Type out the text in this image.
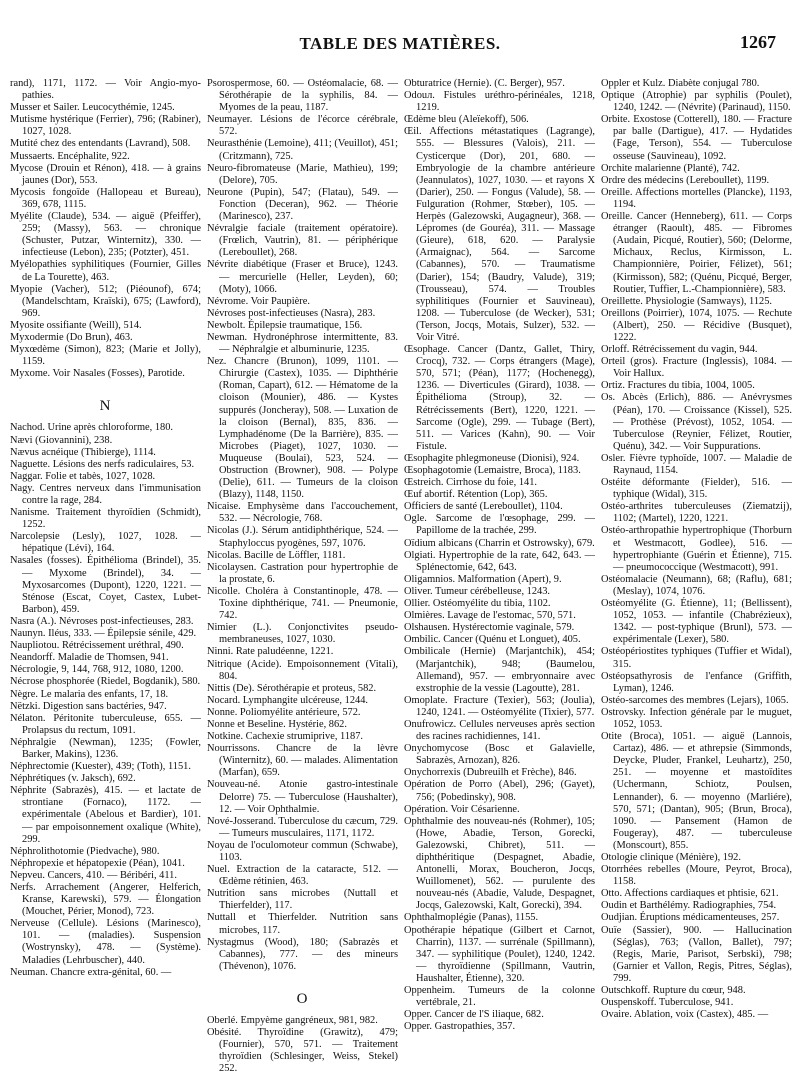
TABLE DES MATIÈRES.	1267

rand), 1171, 1172. — Voir Angio-myo-pathies.

Musser et Sailer. Leucocythémie, 1245.

Mutisme hystérique (Ferrier), 796; (Rabiner), 1027, 1028.

Mutité chez des entendants (Lavrand), 508.

Mussaerts. Encéphalite, 922.

Mycose (Drouin et Rénon), 418. — à grains jaunes (Dor), 553.

Mycosis fongoïde (Hallopeau et Bureau), 369, 678, 1115.

Myélite (Claude), 534. — aiguë (Pfeiffer), 259; (Massy), 563. — chronique (Schuster, Putzar, Winternitz), 330. — infectieuse (Lebon), 235; (Potzter), 451.

Myélopathies syphilitiques (Fournier, Gilles de La Tourette), 463.

Myopie (Vacher), 512; (Piéounof), 674; (Mandelschtam, Kraïski), 675; (Lawford), 969.

Myosite ossifiante (Weill), 514.

Myxodermie (Do Brun), 463.

Myxœdème (Simon), 823; (Marie et Jolly), 1159.

Myxome. Voir Nasales (Fosses), Parotide.

N

Nachod. Urine après chloroforme, 180.

Nævi (Giovannini), 238.

Nævus acnéique (Thibierge), 1114.

Naguette. Lésions des nerfs radiculaires, 53.

Naggar. Folie et tabès, 1027, 1028.

Nagy. Centres nerveux dans l'immunisation contre la rage, 284.

Nanisme. Traitement thyroïdien (Schmidt), 1252.

Narcolepsie (Lesly), 1027, 1028. — hépatique (Lévi), 164.

Nasales (fosses). Épithélioma (Brindel), 35. — Myxome (Brindel), 34. — Myxosarcomes (Dupont), 1220, 1221. — Sténose (Escat, Coyet, Castex, Lubet-Barbon), 459.

Nasra (A.). Névroses post-infectieuses, 283.

Naunyn. Iléus, 333. — Épilepsie sénile, 429.

Naupliotou. Rétrécissement uréthral, 490.

Neandorff. Maladie de Thomsen, 941.

Nécrologie, 9, 144, 768, 912, 1080, 1200.

Nécrose phosphorée (Riedel, Bogdanik), 580.

Nègre. Le malaria des enfants, 17, 18.

Nëtzki. Digestion sans bactéries, 947.

Nélaton. Péritonite tuberculeuse, 655. — Prolapsus du rectum, 1091.

Néphralgie (Newman), 1235; (Fowler, Barker, Makins), 1236.

Néphrectomie (Kuester), 439; (Toth), 1151.

Néphrétiques (v. Jaksch), 692.

Néphrite (Sabrazès), 415. — et lactate de strontiane (Fornaco), 1172. — expérimentale (Abelous et Bardier), 101. — par empoisonnement oxalique (White), 299.

Néphrolithotomie (Piedvache), 980.

Néphropexie et hépatopexie (Péan), 1041.

Nepveu. Cancers, 410. — Béribéri, 411.

Nerfs. Arrachement (Angerer, Helferich, Kranse, Karewski), 579. — Élongation (Mouchet, Périer, Monod), 723.

Nerveuse (Cellule). Lésions (Marinesco), 101. — (maladies). Suspension (Wostrynsky), 478. — (Système). Maladies (Lehrbuscher), 440.

Neuman. Chancre extra-génital, 60. —

Psorospermose, 60. — Ostéomalacie, 68. — Sérothérapie de la syphilis, 84. — Myomes de la peau, 1187.

Neumayer. Lésions de l'écorce cérébrale, 572.

Neurasthénie (Lemoine), 411; (Veuillot), 451; (Critzmann), 725.

Neuro-fibromateuse (Marie, Mathieu), 199; (Delore), 705.

Neurone (Pupin), 547; (Flatau), 549. — Fonction (Deceran), 962. — Théorie (Marinesco), 237.

Névralgie faciale (traitement opératoire). (Frœlich, Vautrin), 81. — périphérique (Lereboullet), 268.

Névrite diabétique (Fraser et Bruce), 1243. — mercurielle (Heller, Leyden), 60; (Moty), 1066.

Névrome. Voir Paupière.

Névroses post-infectieuses (Nasra), 283.

Newbolt. Épilepsie traumatique, 156.

Newman. Hydronéphrose intermittente, 83. — Néphralgie et albuminurie, 1235.

Nez. Chancre (Brunon), 1099, 1101. — Chirurgie (Castex), 1035. — Diphthérie (Roman, Capart), 612. — Hématome de la cloison (Mounier), 486. — Kystes suppurés (Joncheray), 508. — Luxation de la cloison (Bernal), 835, 836. — Lymphadénome (De la Barrière), 835. — Microbes (Piaget), 1027, 1030. — Muqueuse (Boulai), 523, 524. — Obstruction (Browner), 908. — Polype (Delie), 611. — Tumeurs de la cloison (Blazy), 1148, 1150.

Nicaise. Emphysème dans l'accouchement, 532. — Nécrologie, 768.

Nicolas (J.). Sérum antidiphthérique, 524. — Staphyloccus pyogènes, 597, 1076.

Nicolas. Bacille de Löffler, 1181.

Nicolaysen. Castration pour hypertrophie de la prostate, 6.

Nicolle. Choléra à Constantinople, 478. — Toxine diphthérique, 741. — Pneumonie, 742.

Nimier (L.). Conjonctivites pseudo-membraneuses, 1027, 1030.

Ninni. Rate paludéenne, 1221.

Nitrique (Acide). Empoisonnement (Vitali), 804.

Nittis (De). Sérothérapie et proteus, 582.

Nocard. Lymphangite ulcéreuse, 1244.

Nonne. Poliomyélite antérieure, 572.

Nonne et Beseline. Hystérie, 862.

Notkine. Cachexie strumiprive, 1187.

Nourrissons. Chancre de la lèvre (Winternitz), 60. — malades. Alimentation (Marfan), 659.

Nouveau-né. Atonie gastro-intestinale Delorre) 75. — Tuberculose (Haushalter), 12. — Voir Ophthalmie.

Nové-Josserand. Tuberculose du cæcum, 729. — Tumeurs musculaires, 1171, 1172.

Noyau de l'oculomoteur commun (Schwabe), 1103.

Nuel. Extraction de la cataracte, 512. — Œdème rétinien, 463.

Nutrition sans microbes (Nuttall et Thierfelder), 117.

Nuttall et Thierfelder. Nutrition sans microbes, 117.

Nystagmus (Wood), 180; (Sabrazès et Cabannes), 777. — des mineurs (Thévenon), 1076.

O

Oberlé. Empyème gangréneux, 981, 982.

Obésité. Thyroïdine (Grawitz), 479; (Fournier), 570, 571. — Traitement thyroïdien (Schlesinger, Weiss, Stekel) 252.

Obturatrice (Hernie). (C. Berger), 957.

Odouл. Fistules uréthro-périnéales, 1218, 1219.

Œdème bleu (Aleïekoff), 506.

Œil. Affections métastatiques (Lagrange), 555. — Blessures (Valois), 211. — Cysticerque (Dor), 201, 680. — Embryologie de la chambre antérieure (Jeannulatos), 1027, 1030. — et rayons X (Darier), 250. — Fongus (Valude), 58. — Fulguration (Rohmer, Stœber), 105. — Herpès (Galezowski, Augagneur), 368. — Lépromes (de Gouréa), 311. — Massage (Gieure), 618, 620. — Paralysie (Armaignac), 564. — Sarcome (Cabannes), 570. — Traumatisme (Darier), 154; (Baudry, Valude), 319; (Trousseau), 574. — Troubles syphilitiques (Fournier et Sauvineau), 1208. — Tuberculose (de Wecker), 531; (Terson, Jocqs, Motais, Sulzer), 532. — Voir Vitré.

Œsophage. Cancer (Dantz, Gallet, Thiry, Crocq), 732. — Corps étrangers (Mage), 570, 571; (Péan), 1177; (Hochenegg), 1236. — Diverticules (Girard), 1038. — Épithélioma (Stroup), 32. — Rétrécissements (Bert), 1220, 1221. — Sarcome (Ogle), 299. — Tubage (Bert), 511. — Varices (Kahn), 90. — Voir Fistule.

Œsophagite phlegmoneuse (Dionisi), 924.

Œsophagotomie (Lemaistre, Broca), 1183.

Œstreich. Cirrhose du foie, 141.

Œuf abortif. Rétention (Lop), 365.

Officiers de santé (Lereboullet), 1104.

Ogle. Sarcome de l'œsophage, 299. — Papillome de la trachée, 299.

Oïdium albicans (Charrin et Ostrowsky), 679.

Olgiati. Hypertrophie de la rate, 642, 643. — Splénectomie, 642, 643.

Oligamnios. Malformation (Apert), 9.

Oliver. Tumeur cérébelleuse, 1243.

Ollier. Ostéomyélite du tibia, 1102.

Olmières. Lavage de l'estomac, 570, 571.

Olshausen. Hystérectomie vaginale, 579.

Ombilic. Cancer (Quénu et Longuet), 405.

Ombilicale (Hernie) (Marjantchik), 454; (Marjantchik), 948; (Baumelou, Allemand), 957. — embryonnaire avec exstrophie de la vessie (Lagoutte), 281.

Omoplate. Fracture (Texier), 563; (Joulia), 1240, 1241. — Ostéomyélite (Tixier), 577.

Onufrowicz. Cellules nerveuses après section des racines rachidiennes, 141.

Onychomycose (Bosc et Galavielle, Sabrazès, Arnozan), 826.

Onychorrexis (Dubreuilh et Frèche), 846.

Opération de Porro (Abel), 296; (Gayet), 756; (Pobedinsky), 908.

Opération. Voir Césarienne.

Ophthalmie des nouveau-nés (Rohmer), 105; (Howe, Abadie, Terson, Gorecki, Galezowski, Chibret), 511. — diphthéritique (Despagnet, Abadie, Antonelli, Morax, Boucheron, Jocqs, Wuillomenet), 562. — purulente des nouveau-nés (Abadie, Valude, Despagnet, Jocqs, Galezowski, Kalt, Gorecki), 394.

Ophthalmoplégie (Panas), 1155.

Opothérapie hépatique (Gilbert et Carnot, Charrin), 1137. — surrénale (Spillmann), 347. — syphilitique (Poulet), 1240, 1242. — thyroïdienne (Spillmann, Vautrin, Haushalter, Étienne), 320.

Oppenheim. Tumeurs de la colonne vertébrale, 21.

Opper. Cancer de l'S iliaque, 682.

Opper. Gastropathies, 357.

Oppler et Kulz. Diabète conjugal 780.

Optique (Atrophie) par syphilis (Poulet), 1240, 1242. — (Névrite) (Parinaud), 1150.

Orbite. Exostose (Cotterell), 180. — Fracture par balle (Dartigue), 417. — Hydatides (Fage, Terson), 554. — Tuberculose osseuse (Sauvineau), 1092.

Orchite malarienne (Planté), 742.

Ordre des médecins (Lereboullet), 1199.

Oreille. Affections mortelles (Plancke), 1193, 1194.

Oreille. Cancer (Henneberg), 611. — Corps étranger (Raoult), 485. — Fibromes (Audain, Picqué, Routier), 560; (Delorme, Michaux, Reclus, Kirmisson, L. Championnière, Poirier, Félizet), 561; (Kirmisson), 582; (Quénu, Picqué, Berger, Routier, Tuffier, L.-Championnière), 583.

Oreillette. Physiologie (Samways), 1125.

Oreillons (Poirrier), 1074, 1075. — Rechute (Albert), 250. — Récidive (Busquet), 1222.

Orloff. Rétrécissement du vagin, 944.

Orteil (gros). Fracture (Inglessis), 1084. — Voir Hallux.

Ortiz. Fractures du tibia, 1004, 1005.

Os. Abcès (Erlich), 886. — Anévrysmes (Péan), 170. — Croissance (Kissel), 525. — Prothèse (Prévost), 1052, 1054. — Tuberculose (Reynier, Félizet, Routier, Quénu), 342. — Voir Suppurations.

Osler. Fièvre typhoïde, 1007. — Maladie de Raynaud, 1154.

Ostéite déformante (Fielder), 516. — typhique (Widal), 315.

Ostéo-arthrites tuberculeuses (Ziematzij), 1102; (Martel), 1220, 1221.

Ostéo-arthropathie hypertrophique (Thorburn et Westmacott, Godlee), 516. — hypertrophiante (Guérin et Étienne), 715. — pneumococcique (Westmacott), 991.

Ostéomalacie (Neumann), 68; (Raflu), 681; (Meslay), 1074, 1076.

Ostéomyélite (G. Étienne), 11; (Bellissent), 1052, 1053. — infantile (Chabrézieux), 1342. — post-typhique (Brunl), 573. — expérimentale (Lexer), 580.

Ostéopériostites typhiques (Tuffier et Widal), 315.

Ostéopsathyrosis de l'enfance (Griffith, Lyman), 1246.

Ostéo-sarcomes des membres (Lejars), 1065.

Ostrovsky. Infection générale par le muguet, 1052, 1053.

Otite (Broca), 1051. — aiguë (Lannois, Cartaz), 486. — et athrepsie (Simmonds, Deycke, Pluder, Frankel, Leuhartz), 250, 251. — moyenne et mastoïdites (Uchermann, Schiotz, Poulsen, Lennander), 6. — moyenno (Marliére), 570, 571; (Dantan), 905; (Brun, Broca), 1090. — Pansement (Hamon de Fougeray), 487. — tuberculeuse (Monscourt), 855.

Otologie clinique (Ménière), 192.

Otorrhées rebelles (Moure, Peyrot, Broca), 1158.

Otto. Affections cardiaques et phtisie, 621.

Oudin et Barthélémy. Radiographies, 754.

Oudjian. Éruptions médicamenteuses, 257.

Ouïe (Sassier), 900. — Hallucination (Séglas), 763; (Vallon, Ballet), 797; (Regis, Marie, Parisot, Serbski), 798; (Garnier et Vallon, Regis, Pitres, Séglas), 799.

Outschkoff. Rupture du cœur, 948.

Ouspenskoff. Tuberculose, 941.

Ovaire. Ablation, voix (Castex), 485. —
